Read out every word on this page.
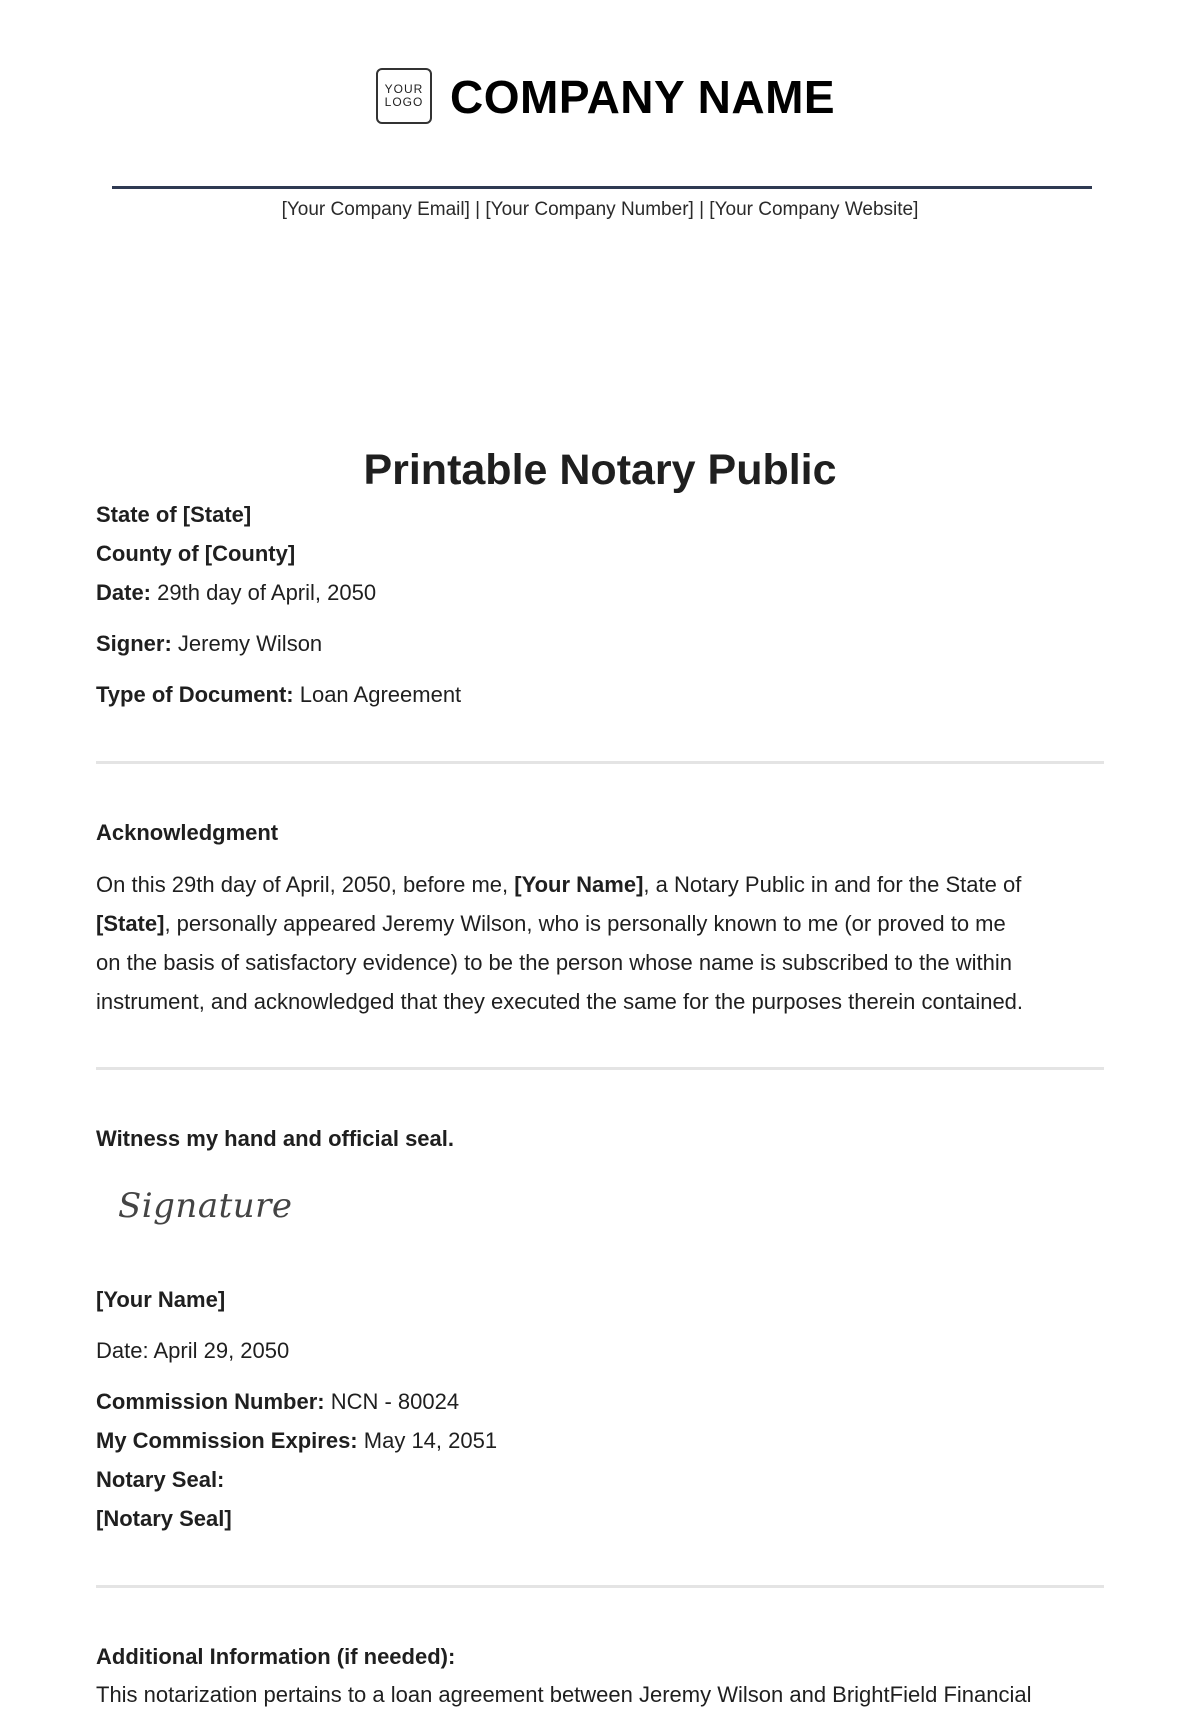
YOUR
LOGO COMPANY NAME
[Your Company Email] | [Your Company Number] | [Your Company Website]
Printable Notary Public
State of [State]
County of [County]
Date: 29th day of April, 2050
Signer: Jeremy Wilson
Type of Document: Loan Agreement
Acknowledgment
On this 29th day of April, 2050, before me, [Your Name], a Notary Public in and for the State of
[State], personally appeared Jeremy Wilson, who is personally known to me (or proved to me
on the basis of satisfactory evidence) to be the person whose name is subscribed to the within
instrument, and acknowledged that they executed the same for the purposes therein contained.
Witness my hand and official seal.
Signature
[Your Name]
Date: April 29, 2050
Commission Number: NCN - 80024
My Commission Expires: May 14, 2051
Notary Seal:
[Notary Seal]
Additional Information (if needed):
This notarization pertains to a loan agreement between Jeremy Wilson and BrightField Financial
